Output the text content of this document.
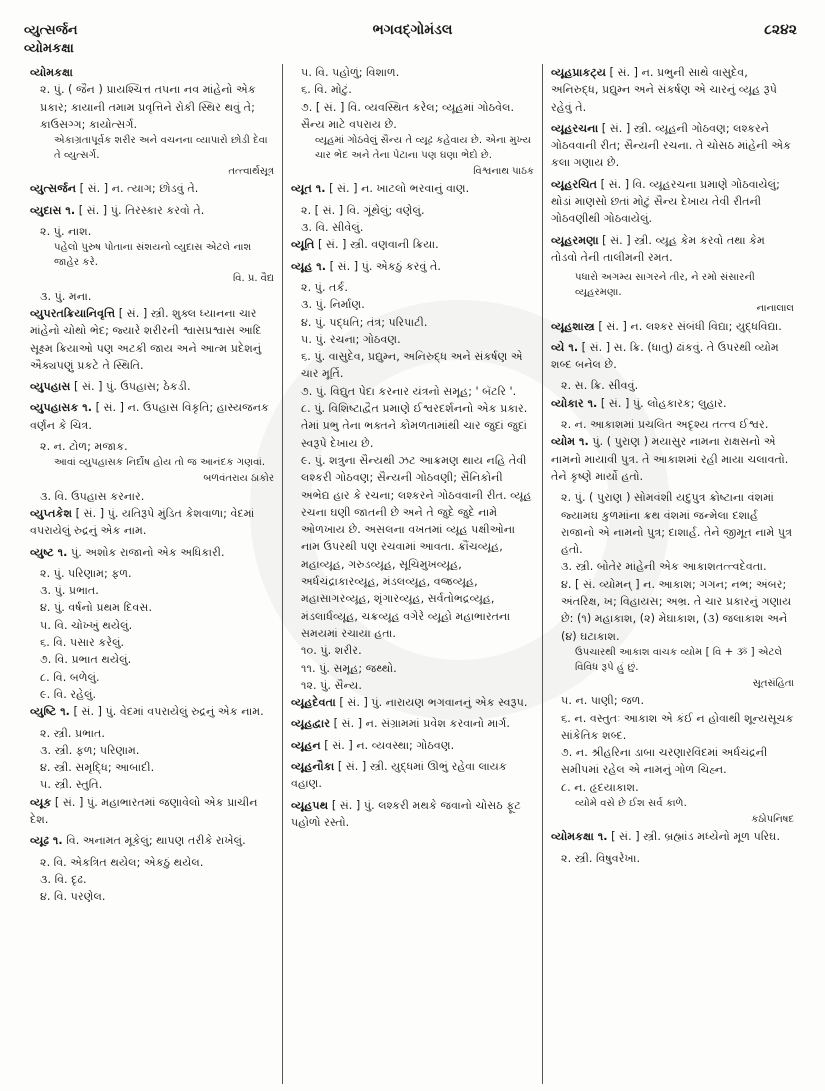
વ્યુત્સર્જન
વ્યોમકક્ષા
ભગવદ્ગોમંડલ	૮૨૪૨
વ્યોમકક્ષા
૨. પું. ( જૈન ) પ્રાયશ્ચિત્ત તપના નવ માંહેનો એક પ્રકાર; કાયાની તમામ પ્રવૃત્તિને રોકી સ્થિર થવું તે; કાઉસગ્ગ; કાયોત્સર્ગ.
એકાગ્રતાપૂર્વક શરીર અને વચનના વ્યાપારો છોડી દેવા તે વ્યુત્સર્ગ.
તત્ત્વાર્થસૂત્ર
વ્યુત્સર્જન [ સં. ] ન. ત્યાગ; છોડવું તે.
વ્યુદાસ ૧. [ સં. ] પું. તિરસ્કાર કરવો તે.
૨. પું. નાશ.
પહેલો પુરુષ પોતાના સંશયનો વ્યુદાસ એટલે નાશ જાહેર કરે.
વિ. પ્ર. વૈદ્ય
૩. પું. મના.
વ્યુપરતક્રિયાનિવૃત્તિ [ સં. ] સ્ત્રી. શુક્લ ધ્યાનના ચાર માંહેનો ચોથો ભેદ; જ્યારે શરીરની શ્વાસપ્રશ્વાસ આદિ સૂક્ષ્મ ક્રિયાઓ પણ અટકી જાય અને આત્મ પ્રદેશનું ઐક્યપણું પ્રકટે તે સ્થિતિ.
વ્યુપહાસ [ સં. ] પું. ઉપહાસ; ઠેકડી.
વ્યુપહાસક ૧. [ સં. ] ન. ઉપહાસ વિકૃતિ; હાસ્યજનક વર્ણન કે ચિત્ર.
૨. ન. ટોળ; મજાક.
આવાં વ્યુપહાસક નિર્દોષ હોય તો જ આનંદક ગણવાં.
બળવંતરાય ઠાકોર
૩. વિ. ઉપહાસ કરનાર.
વ્યુપ્તકેશ [ સં. ] પું. યતિરૂપે મુંડિત કેશવાળા; વેદમાં વપરાયેલું રુદ્રનું એક નામ.
વ્યુષ્ટ ૧. પું. અશોક રાજાનો એક અધિકારી.
૨. પું. પરિણામ; ફળ.
૩. પું. પ્રભાત.
૪. પું. વર્ષનો પ્રથમ દિવસ.
૫. વિ. ચોખ્ખું થયેલું.
૬. વિ. પસાર કરેલું.
૭. વિ. પ્રભાત થયેલું.
૮. વિ. બળેલું.
૯. વિ. રહેલું.
વ્યુષ્ટિ ૧. [ સં. ] પું. વેદમાં વપરાયેલું રુદ્રનું એક નામ.
૨. સ્ત્રી. પ્રભાત.
૩. સ્ત્રી. ફળ; પરિણામ.
૪. સ્ત્રી. સમૃદ્ધિ; આબાદી.
૫. સ્ત્રી. સ્તુતિ.
વ્યૂક [ સં. ] પું. મહાભારતમાં જણાવેલો એક પ્રાચીન દેશ.
વ્યૂઢ ૧. વિ. અનામત મૂકેલું; થાપણ તરીકે રાખેલું.
૨. વિ. એકત્રિત થયેલ; એકઠું થયેલ.
૩. વિ. દૃઢ.
૪. વિ. પરણેલ.
૫. વિ. પહોળું; વિશાળ.
૬. વિ. મોટું.
૭. [ સં. ] વિ. વ્યવસ્થિત કરેલ; વ્યૂહમાં ગોઠવેલ. સૈન્ય માટે વપરાય છે.
વ્યૂહમાં ગોઠવેલું સૈન્ય તે વ્યૂઢ કહેવાય છે. એના મુખ્ય ચાર ભેદ અને તેના પેટાના પણ ઘણા ભેદો છે.
વિશ્વનાથ પાઠક
વ્યૂત ૧. [ સં. ] ન. ખાટલો ભરવાનું વાણ.
૨. [ સં. ] વિ. ગૂંથેલું; વણેલું.
૩. વિ. સીવેલું.
વ્યૂતિ [ સં. ] સ્ત્રી. વણવાની ક્રિયા.
વ્યૂહ ૧. [ સં. ] પું. એકઠું કરવું તે.
૨. પું. તર્ક.
૩. પું. નિર્માણ.
૪. પું. પદ્ધતિ; તંત્ર; પરિપાટી.
૫. પું. રચના; ગોઠવણ.
૬. પું. વાસુદેવ, પ્રદ્યુમ્ન, અનિરુદ્ધ અને સંકર્ષણ એ ચાર મૂર્તિ.
૭. પું. વિદ્યુત પેદા કરનાર યંત્રનો સમૂહ; ' બૅટરિ '.
૮. પું. વિશિષ્ટાદ્વૈત પ્રમાણે ઈશ્વરદર્શનનો એક પ્રકાર. તેમાં પ્રભુ તેના ભક્તને કોમળતામાંથી ચાર જુદાં જુદાં સ્વરૂપે દેખાય છે.
૯. પું. શત્રુના સૈન્યથી ઝટ આક્રમણ થાય નહિ તેવી લશ્કરી ગોઠવણ; સૈન્યની ગોઠવણી; સૈનિકોની અભેદ્ય હાર કે રચના; લશ્કરને ગોઠવવાની રીત. વ્યૂહ રચના ઘણી જાતની છે અને તે જુદે જુદે નામે ઓળખાય છે. અસલના વખતમાં વ્યૂહ પક્ષીઓના નામ ઉપરથી પણ રચવામાં આવતા. ક્રૌંચવ્યૂહ, મહાવ્યૂહ, ગરુડવ્યૂહ, સૂચિમુખવ્યૂહ, અર્ધચંદ્રાકારવ્યૂહ, મંડલવ્યૂહ, વજ્રવ્યૂહ, મહાસાગરવ્યૂહ, શૃંગારવ્યૂહ, સર્વતોભદ્રવ્યૂહ, મંડલાર્ધવ્યૂહ, ચક્રવ્યૂહ વગેરે વ્યૂહો મહાભારતના સમયમાં રચાયા હતા.
૧૦. પું. શરીર.
૧૧. પું. સમૂહ; જથ્થો.
૧૨. પું. સૈન્ય.
વ્યૂહદેવતા [ સં. ] પું. નારાયણ ભગવાનનું એક સ્વરૂપ.
વ્યૂહદ્વાર [ સં. ] ન. સંગ્રામમાં પ્રવેશ કરવાનો માર્ગ.
વ્યૂહન [ સં. ] ન. વ્યવસ્થા; ગોઠવણ.
વ્યૂહનૌકા [ સં. ] સ્ત્રી. યુદ્ધમાં ઊભું રહેવા લાયક વહાણ.
વ્યૂહપથ [ સં. ] પું. લશ્કરી મથકે જવાનો ચોસઠ ફૂટ પહોળો રસ્તો.
વ્યૂહપ્રાકટ્ય [ સં. ] ન. પ્રભુની સાથે વાસુદેવ, અનિરુદ્ધ, પ્રદ્યુમ્ન અને સંકર્ષણ એ ચારનું વ્યૂહ રૂપે રહેવું તે.
વ્યૂહરચના [ સં. ] સ્ત્રી. વ્યૂહની ગોઠવણ; લશ્કરને ગોઠવવાની રીત; સૈન્યની રચના. તે ચોસઠ માંહેની એક કલા ગણાય છે.
વ્યૂહરચિત [ સં. ] વિ. વ્યૂહરચના પ્રમાણે ગોઠવાયેલું; થોડાં માણસો છતાં મોટું સૈન્ય દેખાય તેવી રીતની ગોઠવણીથી ગોઠવાયેલું.
વ્યૂહરમણા [ સં. ] સ્ત્રી. વ્યૂહ કેમ કરવો તથા કેમ તોડવો તેની તાલીમની રમત.
પધારો અગમ્ય સાગરને તીર, ને રમો સંસારની વ્યૂહરમણા.
નાનાલાલ
વ્યૂહશાસ્ત્ર [ સં. ] ન. લશ્કર સંબંધી વિદ્યા; યુદ્ધવિદ્યા.
વ્યે ૧. [ સં. ] સ. ક્રિ. (ધાતુ) ઢાંકવું. તે ઉપરથી વ્યોમ શબ્દ બનેલ છે.
૨. સ. ક્રિ. સીવવું.
વ્યોકાર ૧. [ સં. ] પું. લોહકારક; લુહાર.
૨. ન. આકાશમાં પ્રચલિત અદૃશ્ય તત્ત્વ ઈશ્વર.
વ્યોમ ૧. પું. ( પુરાણ ) મયાસુર નામના રાક્ષસનો એ નામનો માયાવી પુત્ર. તે આકાશમાં રહી માયા ચલાવતો. તેને કૃષ્ણે માર્યો હતો.
૨. પું. ( પુરાણ ) સોમવંશી યદુપુત્ર ક્રોષ્ટાના વંશમાં જ્યામઘ કુળમાંના ક્રથ વંશમાં જન્મેલા દશાર્હ રાજાનો એ નામનો પુત્ર; દાશાર્હ. તેને જીમૂત નામે પુત્ર હતો.
૩. સ્ત્રી. બોતેર માંહેની એક આકાશતત્ત્વદેવતા.
૪. [ સં. વ્યોમન્ ] ન. આકાશ; ગગન; નભ; અંબર; અંતરિક્ષ, ખ; વિહાયસ; અભ્ર. તે ચાર પ્રકારનું ગણાય છે: (૧) મહાકાશ, (૨) મેઘાકાશ, (૩) જલાકાશ અને (૪) ઘટાકાશ.
ઉપચારથી આકાશ વાચક વ્યોમ [ વિ + ૐ ] એટલે વિવિધ રૂપે હું છું.
સૂતસંહિતા
૫. ન. પાણી; જળ.
૬. ન. વસ્તુતઃ આકાશ એ કંઈ ન હોવાથી શૂન્યસૂચક સાંકેતિક શબ્દ.
૭. ન. શ્રીહરિના ડાબા ચરણારવિંદમાં અર્ધચંદ્રની સમીપમાં રહેલ એ નામનું ગોળ ચિહ્ન.
૮. ન. હૃદયાકાશ.
વ્યોમે વસે છે ઈશ સર્વ કાળે.
કઠોપનિષદ
વ્યોમકક્ષા ૧. [ સં. ] સ્ત્રી. બ્રહ્માંડ મધ્યેનો મૂળ પરિઘ.
૨. સ્ત્રી. વિષુવરેખા.
